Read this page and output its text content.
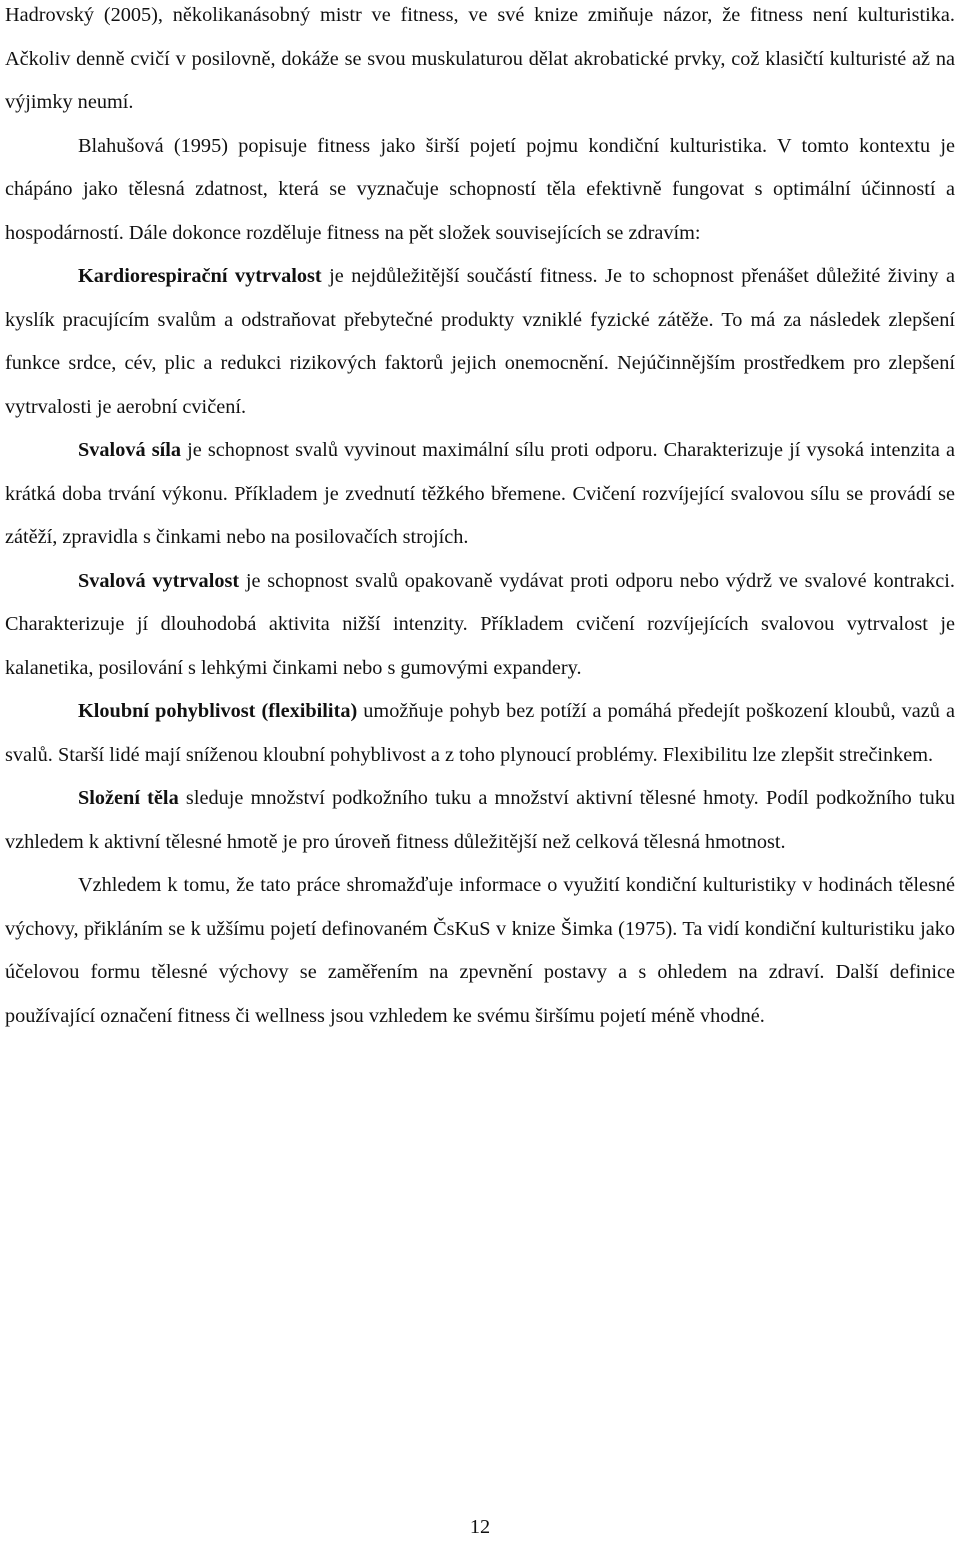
Hadrovský (2005), několikanásobný mistr ve fitness, ve své knize zmiňuje názor, že fitness není kulturistika. Ačkoliv denně cvičí v posilovně, dokáže se svou muskulaturou dělat akrobatické prvky, což klasičtí kulturisté až na výjimky neumí.

Blahušová (1995) popisuje fitness jako širší pojetí pojmu kondiční kulturistika. V tomto kontextu je chápáno jako tělesná zdatnost, která se vyznačuje schopností těla efektivně fungovat s optimální účinností a hospodárností. Dále dokonce rozděluje fitness na pět složek souvisejících se zdravím:

Kardiorespirační vytrvalost je nejdůležitější součástí fitness. Je to schopnost přenášet důležité živiny a kyslík pracujícím svalům a odstraňovat přebytečné produkty vzniklé fyzické zátěže. To má za následek zlepšení funkce srdce, cév, plic a redukci rizikových faktorů jejich onemocnění. Nejúčinnějším prostředkem pro zlepšení vytrvalosti je aerobní cvičení.

Svalová síla je schopnost svalů vyvinout maximální sílu proti odporu. Charakterizuje jí vysoká intenzita a krátká doba trvání výkonu. Příkladem je zvednutí těžkého břemene. Cvičení rozvíjející svalovou sílu se provádí se zátěží, zpravidla s činkami nebo na posilovačích strojích.

Svalová vytrvalost je schopnost svalů opakovaně vydávat proti odporu nebo výdrž ve svalové kontrakci. Charakterizuje jí dlouhodobá aktivita nižší intenzity. Příkladem cvičení rozvíjejících svalovou vytrvalost je kalanetika, posilování s lehkými činkami nebo s gumovými expandery.

Kloubní pohyblivost (flexibilita) umožňuje pohyb bez potíží a pomáhá předejít poškození kloubů, vazů a svalů. Starší lidé mají sníženou kloubní pohyblivost a z toho plynoucí problémy. Flexibilitu lze zlepšit strečinkem.

Složení těla sleduje množství podkožního tuku a množství aktivní tělesné hmoty. Podíl podkožního tuku vzhledem k aktivní tělesné hmotě je pro úroveň fitness důležitější než celková tělesná hmotnost.

Vzhledem k tomu, že tato práce shromažďuje informace o využití kondiční kulturistiky v hodinách tělesné výchovy, přikláním se k užšímu pojetí definovaném ČsKuS v knize Šimka (1975). Ta vidí kondiční kulturistiku jako účelovou formu tělesné výchovy se zaměřením na zpevnění postavy a s ohledem na zdraví. Další definice používající označení fitness či wellness jsou vzhledem ke svému širšímu pojetí méně vhodné.

12
